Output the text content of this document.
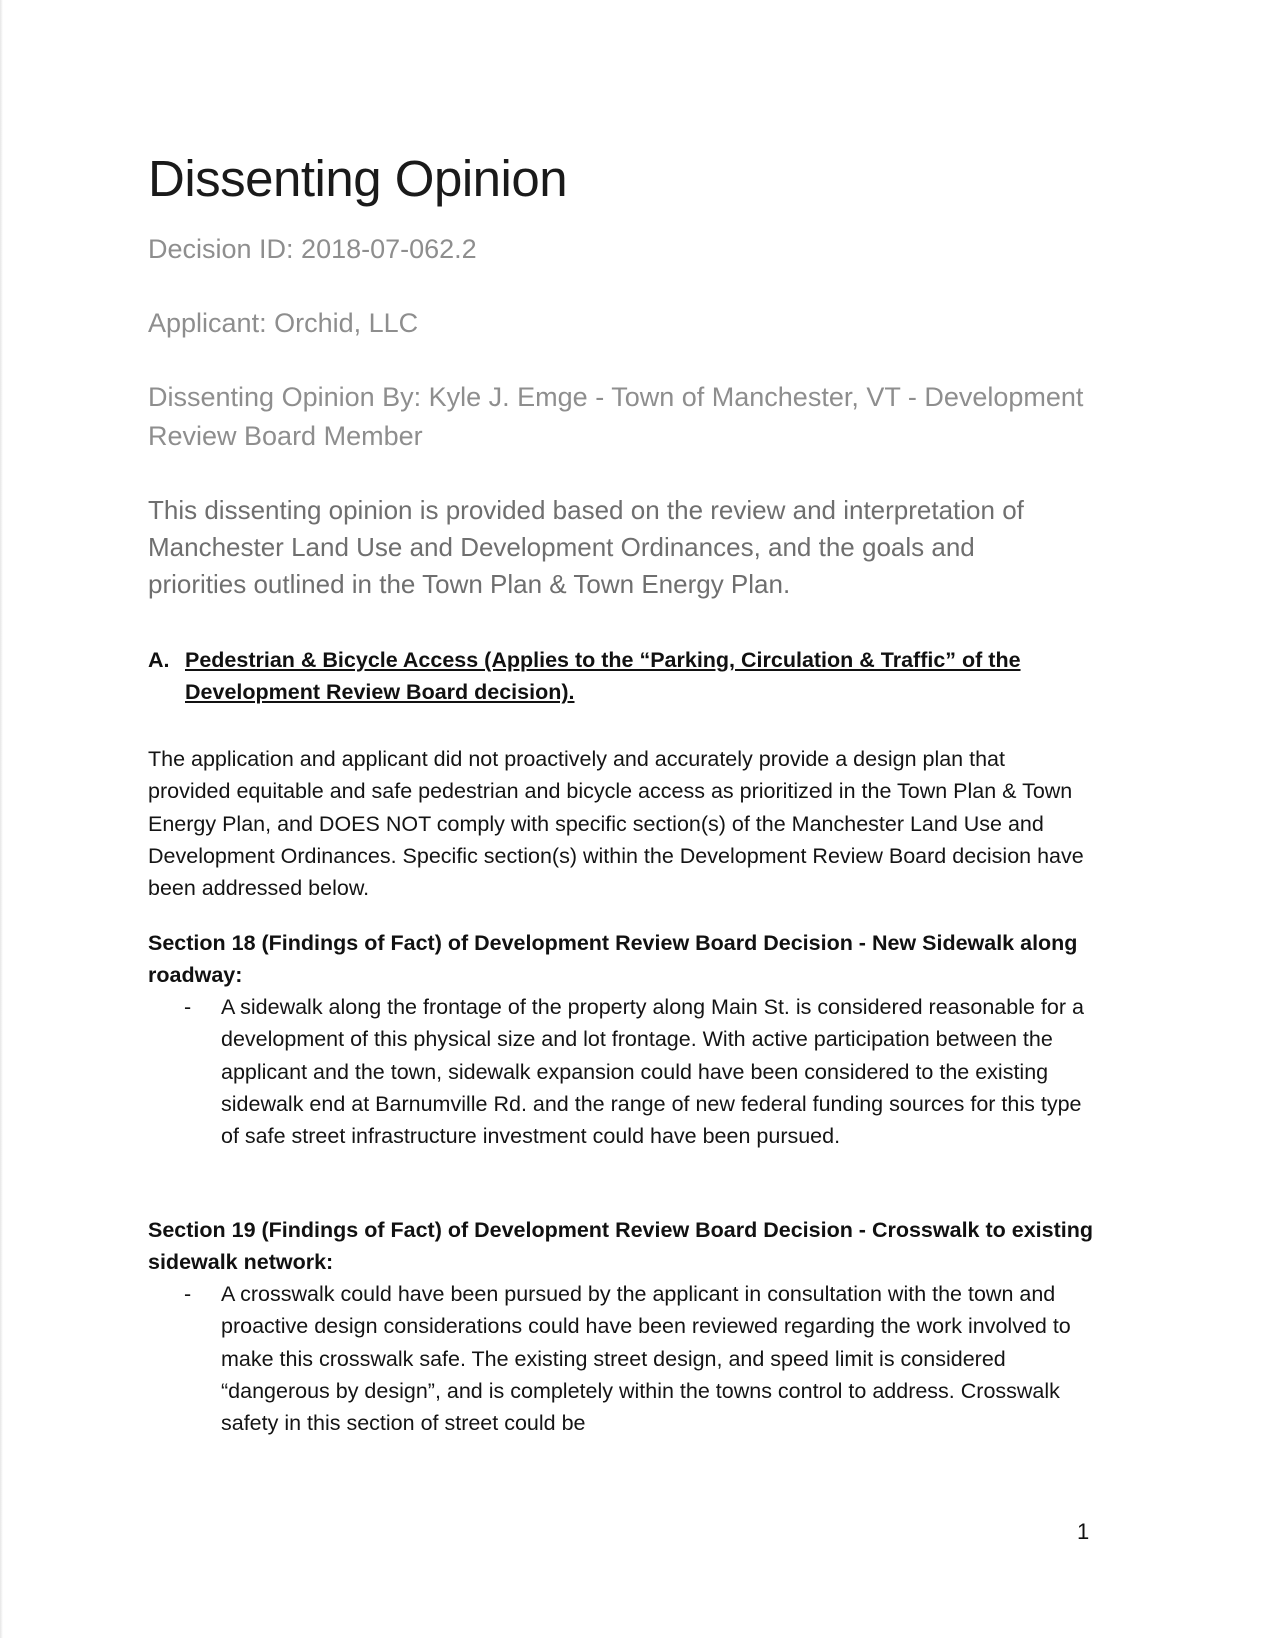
Dissenting Opinion

Decision ID: 2018-07-062.2

Applicant: Orchid, LLC

Dissenting Opinion By: Kyle J. Emge - Town of Manchester, VT - Development Review Board Member

This dissenting opinion is provided based on the review and interpretation of Manchester Land Use and Development Ordinances, and the goals and priorities outlined in the Town Plan & Town Energy Plan.

A. Pedestrian & Bicycle Access (Applies to the “Parking, Circulation & Traffic” of the Development Review Board decision).

The application and applicant did not proactively and accurately provide a design plan that provided equitable and safe pedestrian and bicycle access as prioritized in the Town Plan & Town Energy Plan, and DOES NOT comply with specific section(s) of the Manchester Land Use and Development Ordinances. Specific section(s) within the Development Review Board decision have been addressed below.

Section 18 (Findings of Fact) of Development Review Board Decision - New Sidewalk along roadway:

- A sidewalk along the frontage of the property along Main St. is considered reasonable for a development of this physical size and lot frontage. With active participation between the applicant and the town, sidewalk expansion could have been considered to the existing sidewalk end at Barnumville Rd. and the range of new federal funding sources for this type of safe street infrastructure investment could have been pursued.

Section 19 (Findings of Fact) of Development Review Board Decision - Crosswalk to existing sidewalk network:

- A crosswalk could have been pursued by the applicant in consultation with the town and proactive design considerations could have been reviewed regarding the work involved to make this crosswalk safe. The existing street design, and speed limit is considered “dangerous by design”, and is completely within the towns control to address. Crosswalk safety in this section of street could be

1
